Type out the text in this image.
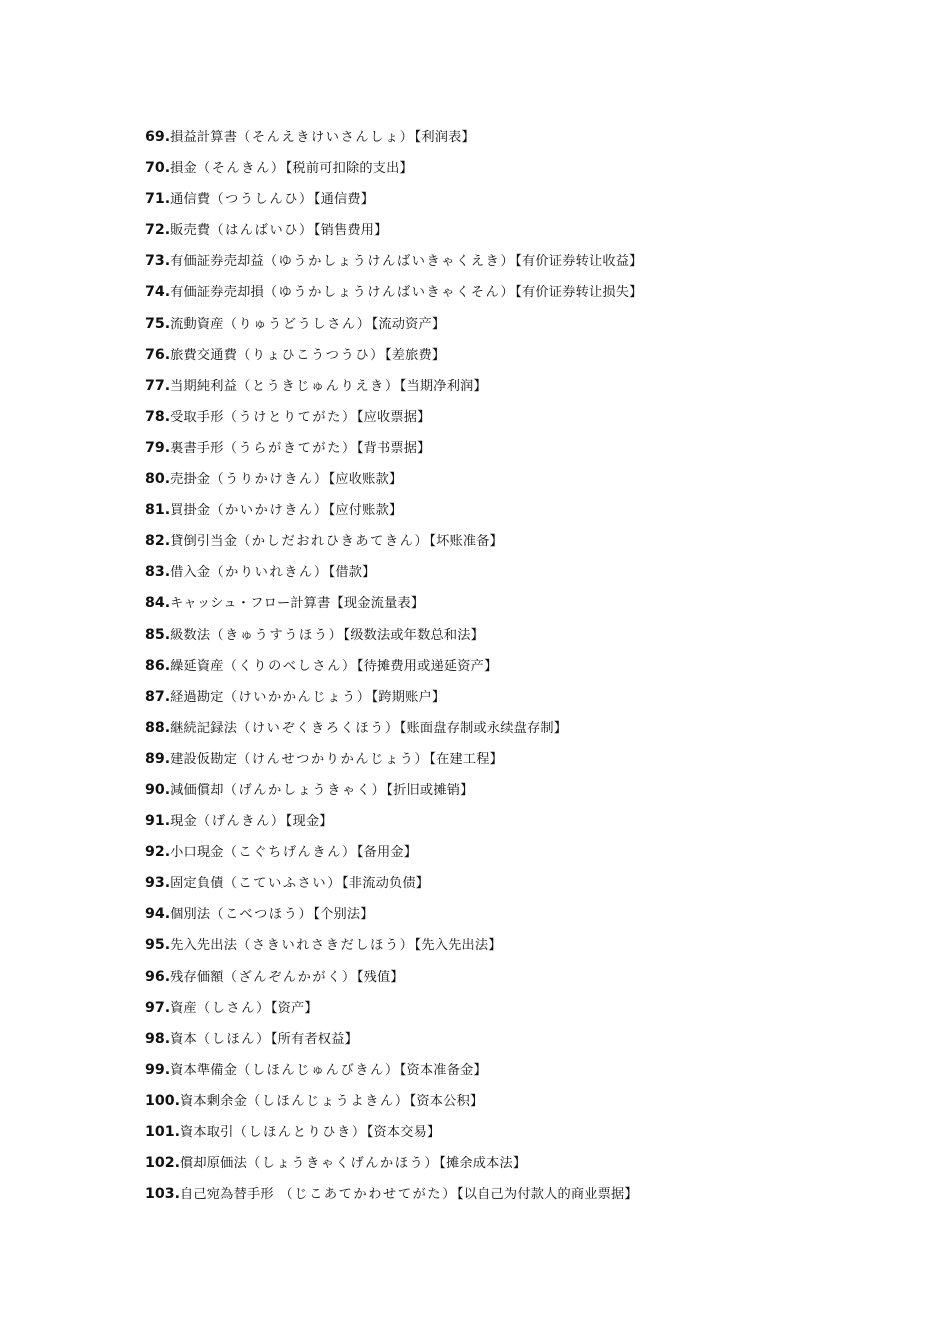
69.損益計算書（そんえきけいさんしょ）【利润表】
70.損金（そんきん）【税前可扣除的支出】
71.通信費（つうしんひ）【通信费】
72.販売費（はんばいひ）【销售费用】
73.有価証券売却益（ゆうかしょうけんばいきゃくえき）【有价证券转让收益】
74.有価証券売却損（ゆうかしょうけんばいきゃくそん）【有价证券转让损失】
75.流動資産（りゅうどうしさん）【流动资产】
76.旅費交通費（りょひこうつうひ）【差旅费】
77.当期純利益（とうきじゅんりえき）【当期净利润】
78.受取手形（うけとりてがた）【应收票据】
79.裏書手形（うらがきてがた）【背书票据】
80.売掛金（うりかけきん）【应收账款】
81.買掛金（かいかけきん）【应付账款】
82.貸倒引当金（かしだおれひきあてきん）【坏账准备】
83.借入金（かりいれきん）【借款】
84.キャッシュ・フロー計算書【现金流量表】
85.級数法（きゅうすうほう）【级数法或年数总和法】
86.繰延資産（くりのべしさん）【待摊费用或递延资产】
87.経過勘定（けいかかんじょう）【跨期账户】
88.継続記録法（けいぞくきろくほう）【账面盘存制或永续盘存制】
89.建設仮勘定（けんせつかりかんじょう）【在建工程】
90.減価償却（げんかしょうきゃく）【折旧或摊销】
91.現金（げんきん）【现金】
92.小口現金（こぐちげんきん）【备用金】
93.固定負債（こていふさい）【非流动负债】
94.個別法（こべつほう）【个别法】
95.先入先出法（さきいれさきだしほう）【先入先出法】
96.残存価額（ざんぞんかがく）【残值】
97.資産（しさん）【资产】
98.資本（しほん）【所有者权益】
99.資本準備金（しほんじゅんびきん）【资本准备金】
100.資本剰余金（しほんじょうよきん）【资本公积】
101.資本取引（しほんとりひき）【资本交易】
102.償却原価法（しょうきゃくげんかほう）【摊余成本法】
103.自己宛為替手形 （じこあてかわせてがた）【以自己为付款人的商业票据】
